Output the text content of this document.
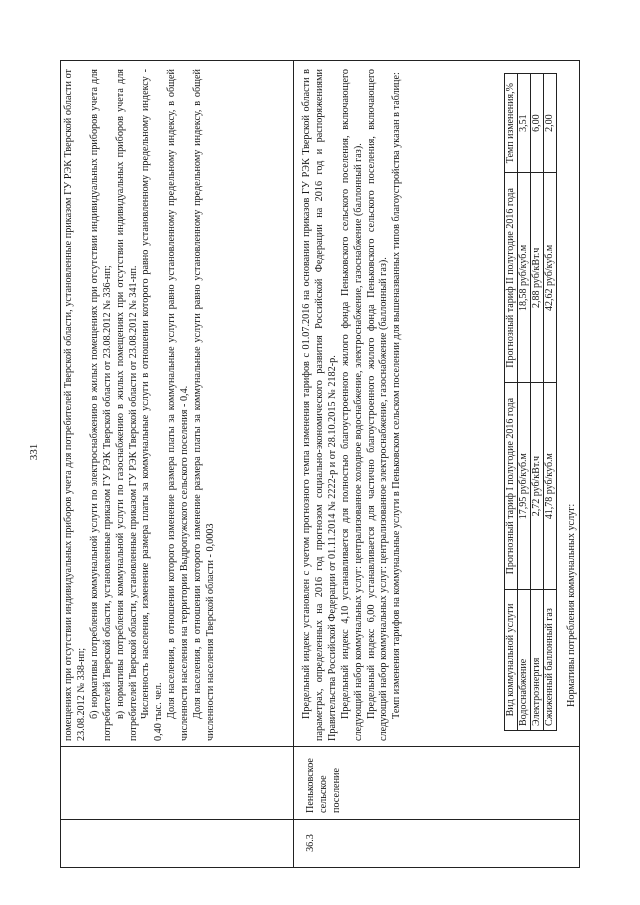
331 помещениях при отсутствии индивидуальных приборов учета для потребителей Тверской области, установленные приказом ГУ РЭК Тверской области от 23.08.2012 № 338-нп; б) нормативы потребления коммунальной услуги по электроснабжению в жилых помещениях при отсутствии индивидуальных приборов учета для потребителей Тверской области, установленные приказом ГУ РЭК Тверской области от 23.08.2012 № 336-нп; в) нормативы потребления коммунальной услуги по газоснабжению в жилых помещениях при отсутствии индивидуальных приборов учета для потребителей Тверской области, установленные приказом ГУ РЭК Тверской области от 23.08.2012 № 341-нп. Численность населения, изменение размера платы за коммунальные услуги в отношении которого равно установленному предельному индексу - 0,40 тыс. чел. Доля населения, в отношении которого изменение размера платы за коммунальные услуги равно установленному предельному индексу, в общей численности населения на территории Выдропужского сельского поселения - 0,4. Доля населения, в отношении которого изменение размера платы за коммунальные услуги равно установленному предельному индексу, в общей численности населения Тверской области - 0,0003

36.3
Пеньковское сельское поселение

Предельный индекс установлен с учетом прогнозного темпа изменения тарифов с 01.07.2016 на основании приказов ГУ РЭК Тверской области в параметрах, определенных на 2016 год прогнозом социально-экономического развития Российской Федерации на 2016 год и распоряжениями Правительства Российской Федерации от 01.11.2014 № 2222-р и от 28.10.2015 № 2182-р. Предельный индекс 4,10 устанавливается для полностью благоустроенного жилого фонда Пеньковского сельского поселения, включающего следующий набор коммунальных услуг: централизованное холодное водоснабжение, электроснабжение, газоснабжение (баллонный газ). Предельный индекс 6,00 устанавливается для частично благоустроенного жилого фонда Пеньковского сельского поселения, включающего следующий набор коммунальных услуг: централизованное электроснабжение, газоснабжение (баллонный газ). Темп изменения тарифов на коммунальные услуги в Пеньковском сельском поселении для вышеназванных типов благоустройства указан в таблице:	Вид коммунальной услуги	Прогнозный тариф I полугодие 2016 года	Прогнозный тариф II полугодие 2016 года	Темп изменения,%
Водоснабжение	17,95 руб/куб.м	18,58 руб/куб.м	3,51
Электроэнергия	2,72 руб/кВт.ч	2,88 руб/кВт.ч	6,00
Сжиженный баллонный газ	41,78 руб/куб.м	42,62 руб/куб.м	2,00
Нормативы потребления коммунальных услуг:
